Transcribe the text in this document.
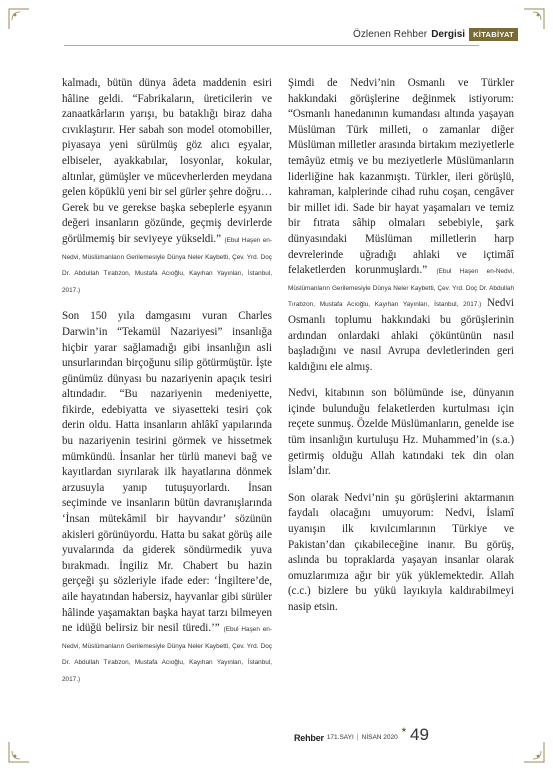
Özlenen Rehber Dergisi	KİTABİYAT

kalmadı, bütün dünya âdeta maddenin esiri hâline geldi. “Fabrikaların, üreticilerin ve zanaatkârların yarışı, bu bataklığı biraz daha cıvıklaştırır. Her sabah son model otomobiller, piyasaya yeni sürülmüş göz alıcı eşyalar, elbiseler, ayakkabılar, losyonlar, kokular, altınlar, gümüşler ve mücevherlerden meydana gelen köpüklü yeni bir sel gürler şehre doğru… Gerek bu ve gerekse başka sebeplerle eşyanın değeri insanların gözünde, geçmiş devirlerde görülmemiş bir seviyeye yükseldi.” (Ebul Haşen en-Nedvi, Müslümanların Gerilemesiyle Dünya Neler Kaybetti, Çev. Yrd. Doç Dr. Abdullah Tırabzon, Mustafa Acıoğlu, Kayıhan Yayınları, İstanbul, 2017.)

Son 150 yıla damgasını vuran Charles Darwin’in “Tekamül Nazariyesi” insanlığa hiçbir yarar sağlamadığı gibi insanlığın asli unsurlarından birçoğunu silip götürmüştür. İşte günümüz dünyası bu nazariyenin apaçık tesiri altındadır. “Bu nazariyenin medeniyette, fikirde, edebiyatta ve siyasetteki tesiri çok derin oldu. Hatta insanların ahlâkî yapılarında bu nazariyenin tesirini görmek ve hissetmek mümkündü. İnsanlar her türlü manevi bağ ve kayıtlardan sıyrılarak ilk hayatlarına dönmek arzusuyla yanıp tutuşuyorlardı. İnsan seçiminde ve insanların bütün davranışlarında ‘İnsan mütekâmil bir hayvandır’ sözünün akisleri görünüyordu. Hatta bu sakat görüş aile yuvalarında da giderek söndürmedik yuva bırakmadı. İngiliz Mr. Chabert bu hazin gerçeği şu sözleriyle ifade eder: ‘İngiltere’de, aile hayatından habersiz, hayvanlar gibi sürüler hâlinde yaşamaktan başka hayat tarzı bilmeyen ne idüğü belirsiz bir nesil türedi.’” (Ebul Haşen en-Nedvi, Müslümanların Gerilemesiyle Dünya Neler Kaybetti, Çev. Yrd. Doç Dr. Abdullah Tırabzon, Mustafa Acıoğlu, Kayıhan Yayınları, İstanbul, 2017.)

Şimdi de Nedvi’nin Osmanlı ve Türkler hakkındaki görüşlerine değinmek istiyorum: “Osmanlı hanedanının kumandası altında yaşayan Müslüman Türk milleti, o zamanlar diğer Müslüman milletler arasında birtakım meziyetlerle temâyüz etmiş ve bu meziyetlerle Müslümanların liderliğine hak kazanmıştı. Türkler, ileri görüşlü, kahraman, kalplerinde cihad ruhu coşan, cengâver bir millet idi. Sade bir hayat yaşamaları ve temiz bir fıtrata sâhip olmaları sebebiyle, şark dünyasındaki Müslüman milletlerin harp devrelerinde uğradığı ahlaki ve içtimâî felaketlerden korunmuşlardı.” (Ebul Haşen en-Nedvi, Müslümanların Gerilemesiyle Dünya Neler Kaybetti, Çev. Yrd. Doç Dr. Abdullah Tırabzon, Mustafa Acıoğlu, Kayıhan Yayınları, İstanbul, 2017.) Nedvi Osmanlı toplumu hakkındaki bu görüşlerinin ardından onlardaki ahlaki çöküntünün nasıl başladığını ve nasıl Avrupa devletlerinden geri kaldığını ele almış.

Nedvi, kitabının son bölümünde ise, dünyanın içinde bulunduğu felaketlerden kurtulması için reçete sunmuş. Özelde Müslümanların, genelde ise tüm insanlığın kurtuluşu Hz. Muhammed’in (s.a.) getirmiş olduğu Allah katındaki tek din olan İslam’dır.

Son olarak Nedvi’nin şu görüşlerini aktarmanın faydalı olacağını umuyorum: Nedvi, İslamî uyanışın ilk kıvılcımlarının Türkiye ve Pakistan’dan çıkabileceğine inanır. Bu görüş, aslında bu topraklarda yaşayan insanlar olarak omuzlarımıza ağır bir yük yüklemektedir. Allah (c.c.) bizlere bu yükü layıkıyla kaldırabilmeyi nasip etsin.

Rehber 171.SAYI | NİSAN 2020
★ 49
